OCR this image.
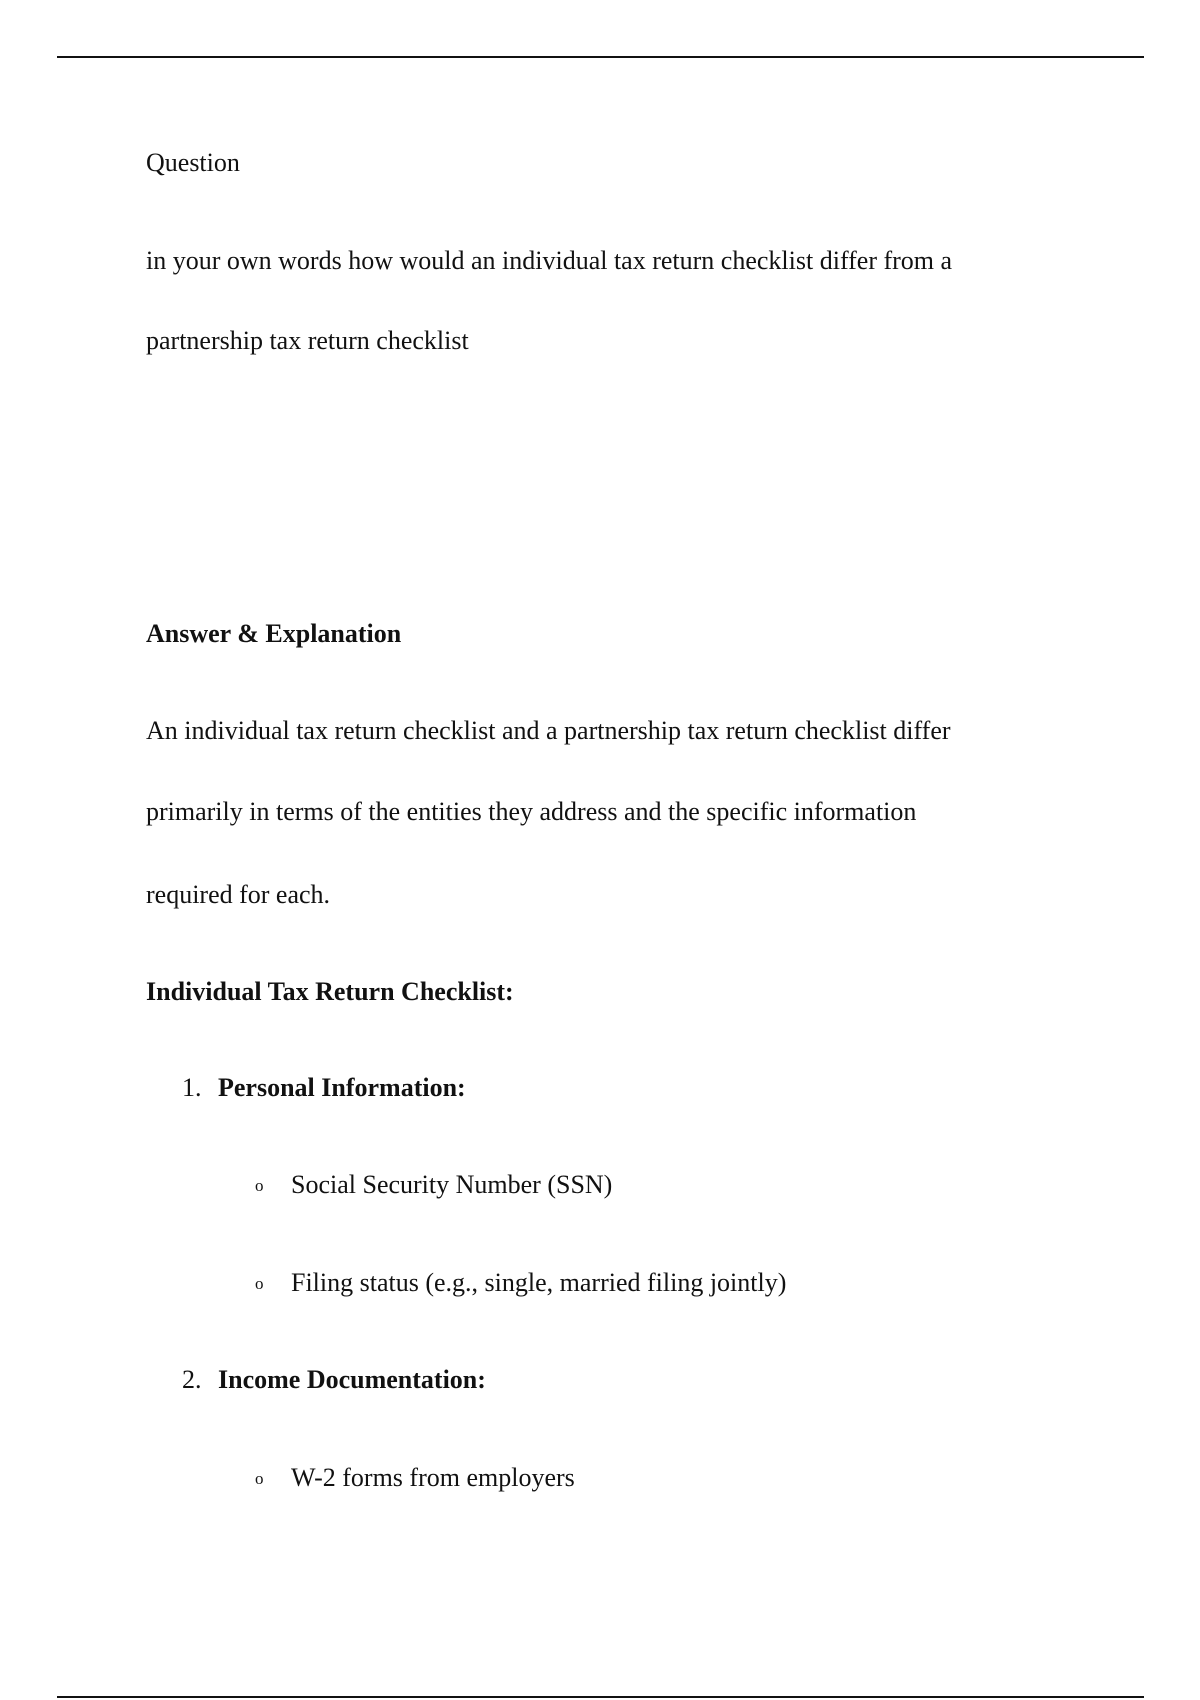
Question
in your own words how would an individual tax return checklist differ from a
partnership tax return checklist
Answer & Explanation
An individual tax return checklist and a partnership tax return checklist differ
primarily in terms of the entities they address and the specific information
required for each.
Individual Tax Return Checklist:
1. Personal Information:
o Social Security Number (SSN)
o Filing status (e.g., single, married filing jointly)
2. Income Documentation:
o W-2 forms from employers
